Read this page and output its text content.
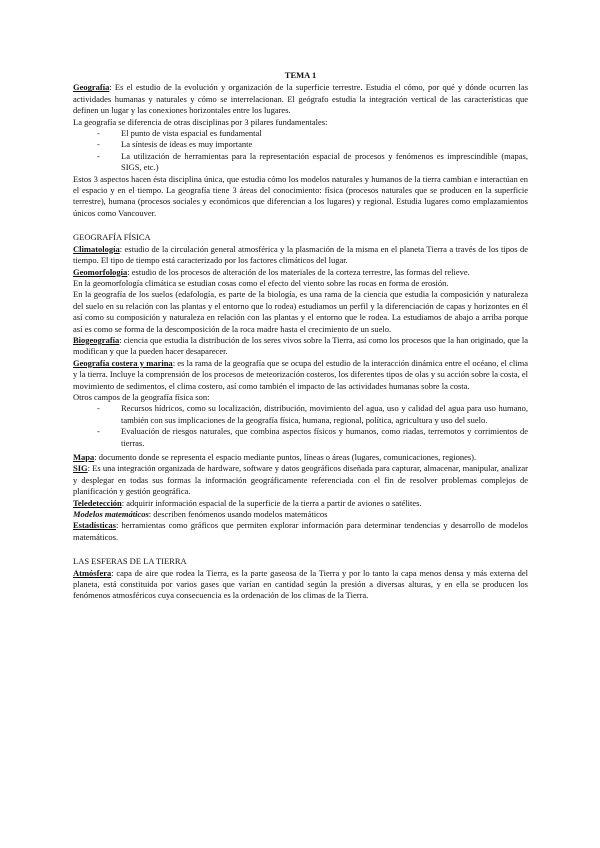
TEMA 1

Geografía: Es el estudio de la evolución y organización de la superficie terrestre. Estudia el cómo, por qué y dónde ocurren las actividades humanas y naturales y cómo se interrelacionan. El geógrafo estudia la integración vertical de las características que definen un lugar y las conexiones horizontales entre los lugares.

La geografía se diferencia de otras disciplinas por 3 pilares fundamentales:

- El punto de vista espacial es fundamental
- La síntesis de ideas es muy importante
- La utilización de herramientas para la representación espacial de procesos y fenómenos es imprescindible (mapas, SIGS, etc.)

Estos 3 aspectos hacen ésta disciplina única, que estudia cómo los modelos naturales y humanos de la tierra cambian e interactúan en el espacio y en el tiempo. La geografía tiene 3 áreas del conocimiento: física (procesos naturales que se producen en la superficie terrestre), humana (procesos sociales y económicos que diferencian a los lugares) y regional. Estudia lugares como emplazamientos únicos como Vancouver.

GEOGRAFÍA FÍSICA

Climatología: estudio de la circulación general atmosférica y la plasmación de la misma en el planeta Tierra a través de los tipos de tiempo. El tipo de tiempo está caracterizado por los factores climáticos del lugar.

Geomorfología: estudio de los procesos de alteración de los materiales de la corteza terrestre, las formas del relieve.

En la geomorfología climática se estudian cosas como el efecto del viento sobre las rocas en forma de erosión.

En la geografía de los suelos (edafología, es parte de la biología, es una rama de la ciencia que estudia la composición y naturaleza del suelo en su relación con las plantas y el entorno que lo rodea) estudiamos un perfil y la diferenciación de capas y horizontes en él así como su composición y naturaleza en relación con las plantas y el entorno que le rodea. La estudiamos de abajo a arriba porque así es como se forma de la descomposición de la roca madre hasta el crecimiento de un suelo.

Biogeografía: ciencia que estudia la distribución de los seres vivos sobre la Tierra, así como los procesos que la han originado, que la modifican y que la pueden hacer desaparecer.

Geografía costera y marina: es la rama de la geografía que se ocupa del estudio de la interacción dinámica entre el océano, el clima y la tierra. Incluye la comprensión de los procesos de meteorización costeros, los diferentes tipos de olas y su acción sobre la costa, el movimiento de sedimentos, el clima costero, así como también el impacto de las actividades humanas sobre la costa.

Otros campos de la geografía física son:

- Recursos hídricos, como su localización, distribución, movimiento del agua, uso y calidad del agua para uso humano, también con sus implicaciones de la geografía física, humana, regional, política, agricultura y uso del suelo.
- Evaluación de riesgos naturales, que combina aspectos físicos y humanos, como riadas, terremotos y corrimientos de tierras.

Mapa: documento donde se representa el espacio mediante puntos, líneas o áreas (lugares, comunicaciones, regiones).

SIG: Es una integración organizada de hardware, software y datos geográficos diseñada para capturar, almacenar, manipular, analizar y desplegar en todas sus formas la información geográficamente referenciada con el fin de resolver problemas complejos de planificación y gestión geográfica.

Teledetección: adquirir información espacial de la superficie de la tierra a partir de aviones o satélites.

Modelos matemáticos: describen fenómenos usando modelos matemáticos

Estadísticas: herramientas como gráficos que permiten explorar información para determinar tendencias y desarrollo de modelos matemáticos.

LAS ESFERAS DE LA TIERRA

Atmósfera: capa de aire que rodea la Tierra, es la parte gaseosa de la Tierra y por lo tanto la capa menos densa y más externa del planeta, está constituida por varios gases que varían en cantidad según la presión a diversas alturas, y en ella se producen los fenómenos atmosféricos cuya consecuencia es la ordenación de los climas de la Tierra.
